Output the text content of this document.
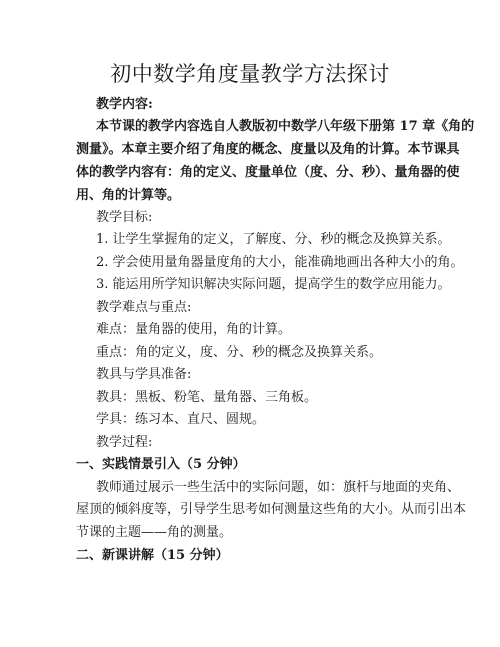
初中数学角度量教学方法探讨
教学内容:
本节课的教学内容选自人教版初中数学八年级下册第 17 章《角的
测量》。本章主要介绍了角度的概念、度量以及角的计算。本节课具
体的教学内容有：角的定义、度量单位（度、分、秒）、量角器的使
用、角的计算等。
教学目标:
1. 让学生掌握角的定义，了解度、分、秒的概念及换算关系。
2. 学会使用量角器量度角的大小，能准确地画出各种大小的角。
3. 能运用所学知识解决实际问题，提高学生的数学应用能力。
教学难点与重点:
难点：量角器的使用，角的计算。
重点：角的定义，度、分、秒的概念及换算关系。
教具与学具准备:
教具：黑板、粉笔、量角器、三角板。
学具：练习本、直尺、圆规。
教学过程:
一、实践情景引入（5 分钟）
教师通过展示一些生活中的实际问题，如：旗杆与地面的夹角、
屋顶的倾斜度等，引导学生思考如何测量这些角的大小。从而引出本
节课的主题——角的测量。
二、新课讲解（15 分钟）
